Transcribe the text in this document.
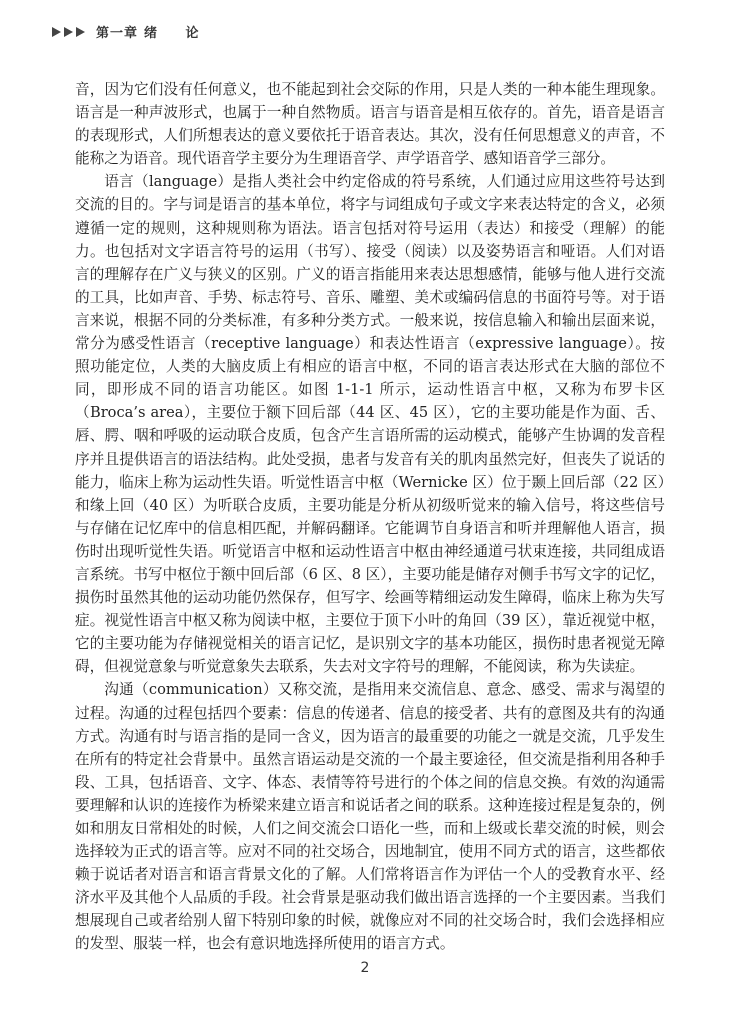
第一章 绪 论

音，因为它们没有任何意义，也不能起到社会交际的作用，只是人类的一种本能生理现象。语言是一种声波形式，也属于一种自然物质。语言与语音是相互依存的。首先，语音是语言的表现形式，人们所想表达的意义要依托于语音表达。其次，没有任何思想意义的声音，不能称之为语音。现代语音学主要分为生理语音学、声学语音学、感知语音学三部分。

语言（language）是指人类社会中约定俗成的符号系统，人们通过应用这些符号达到交流的目的。字与词是语言的基本单位，将字与词组成句子或文字来表达特定的含义，必须遵循一定的规则，这种规则称为语法。语言包括对符号运用（表达）和接受（理解）的能力。也包括对文字语言符号的运用（书写）、接受（阅读）以及姿势语言和哑语。人们对语言的理解存在广义与狭义的区别。广义的语言指能用来表达思想感情，能够与他人进行交流的工具，比如声音、手势、标志符号、音乐、雕塑、美术或编码信息的书面符号等。对于语言来说，根据不同的分类标准，有多种分类方式。一般来说，按信息输入和输出层面来说，常分为感受性语言（receptive language）和表达性语言（expressive language）。按照功能定位，人类的大脑皮质上有相应的语言中枢，不同的语言表达形式在大脑的部位不同，即形成不同的语言功能区。如图 1-1-1 所示，运动性语言中枢，又称为布罗卡区（Broca’s area），主要位于额下回后部（44 区、45 区），它的主要功能是作为面、舌、唇、腭、咽和呼吸的运动联合皮质，包含产生言语所需的运动模式，能够产生协调的发音程序并且提供语言的语法结构。此处受损，患者与发音有关的肌肉虽然完好，但丧失了说话的能力，临床上称为运动性失语。听觉性语言中枢（Wernicke 区）位于颞上回后部（22 区）和缘上回（40 区）为听联合皮质，主要功能是分析从初级听觉来的输入信号，将这些信号与存储在记忆库中的信息相匹配，并解码翻译。它能调节自身语言和听并理解他人语言，损伤时出现听觉性失语。听觉语言中枢和运动性语言中枢由神经通道弓状束连接，共同组成语言系统。书写中枢位于额中回后部（6 区、8 区），主要功能是储存对侧手书写文字的记忆，损伤时虽然其他的运动功能仍然保存，但写字、绘画等精细运动发生障碍，临床上称为失写症。视觉性语言中枢又称为阅读中枢，主要位于顶下小叶的角回（39 区），靠近视觉中枢，它的主要功能为存储视觉相关的语言记忆，是识别文字的基本功能区，损伤时患者视觉无障碍，但视觉意象与听觉意象失去联系，失去对文字符号的理解，不能阅读，称为失读症。

沟通（communication）又称交流，是指用来交流信息、意念、感受、需求与渴望的过程。沟通的过程包括四个要素：信息的传递者、信息的接受者、共有的意图及共有的沟通方式。沟通有时与语言指的是同一含义，因为语言的最重要的功能之一就是交流，几乎发生在所有的特定社会背景中。虽然言语运动是交流的一个最主要途径，但交流是指利用各种手段、工具，包括语音、文字、体态、表情等符号进行的个体之间的信息交换。有效的沟通需要理解和认识的连接作为桥梁来建立语言和说话者之间的联系。这种连接过程是复杂的，例如和朋友日常相处的时候，人们之间交流会口语化一些，而和上级或长辈交流的时候，则会选择较为正式的语言等。应对不同的社交场合，因地制宜，使用不同方式的语言，这些都依赖于说话者对语言和语言背景文化的了解。人们常将语言作为评估一个人的受教育水平、经济水平及其他个人品质的手段。社会背景是驱动我们做出语言选择的一个主要因素。当我们想展现自己或者给别人留下特别印象的时候，就像应对不同的社交场合时，我们会选择相应的发型、服装一样，也会有意识地选择所使用的语言方式。

2
